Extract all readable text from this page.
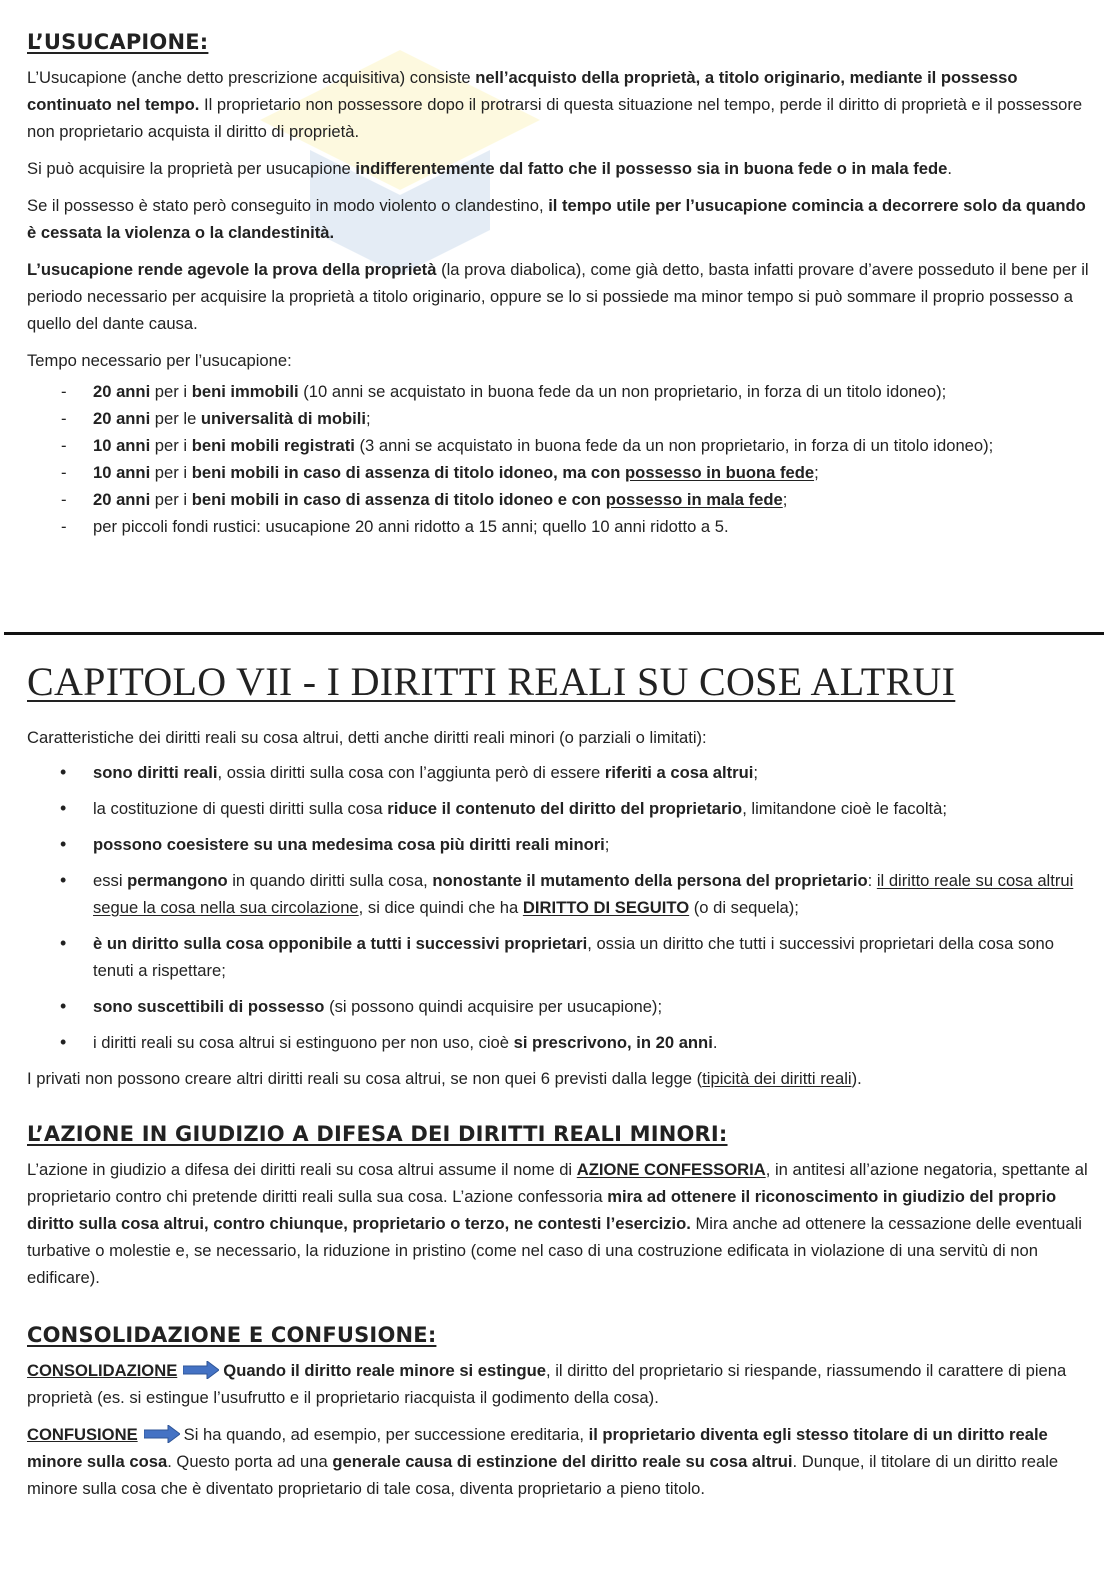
L’USUCAPIONE:

L’Usucapione (anche detto prescrizione acquisitiva) consiste nell’acquisto della proprietà, a titolo originario, mediante il possesso continuato nel tempo. Il proprietario non possessore dopo il protrarsi di questa situazione nel tempo, perde il diritto di proprietà e il possessore non proprietario acquista il diritto di proprietà.

Si può acquisire la proprietà per usucapione indifferentemente dal fatto che il possesso sia in buona fede o in mala fede.

Se il possesso è stato però conseguito in modo violento o clandestino, il tempo utile per l’usucapione comincia a decorrere solo da quando è cessata la violenza o la clandestinità.

L’usucapione rende agevole la prova della proprietà (la prova diabolica), come già detto, basta infatti provare d’avere posseduto il bene per il periodo necessario per acquisire la proprietà a titolo originario, oppure se lo si possiede ma minor tempo si può sommare il proprio possesso a quello del dante causa.

Tempo necessario per l’usucapione:

- 20 anni per i beni immobili (10 anni se acquistato in buona fede da un non proprietario, in forza di un titolo idoneo);
- 20 anni per le universalità di mobili;
- 10 anni per i beni mobili registrati (3 anni se acquistato in buona fede da un non proprietario, in forza di un titolo idoneo);
- 10 anni per i beni mobili in caso di assenza di titolo idoneo, ma con possesso in buona fede;
- 20 anni per i beni mobili in caso di assenza di titolo idoneo e con possesso in mala fede;
- per piccoli fondi rustici: usucapione 20 anni ridotto a 15 anni; quello 10 anni ridotto a 5.
CAPITOLO VII - I DIRITTI REALI SU COSE ALTRUI

Caratteristiche dei diritti reali su cosa altrui, detti anche diritti reali minori (o parziali o limitati):

• sono diritti reali, ossia diritti sulla cosa con l’aggiunta però di essere riferiti a cosa altrui;
• la costituzione di questi diritti sulla cosa riduce il contenuto del diritto del proprietario, limitandone cioè le facoltà;
• possono coesistere su una medesima cosa più diritti reali minori;
• essi permangono in quando diritti sulla cosa, nonostante il mutamento della persona del proprietario: il diritto reale su cosa altrui segue la cosa nella sua circolazione, si dice quindi che ha DIRITTO DI SEGUITO (o di sequela);
• è un diritto sulla cosa opponibile a tutti i successivi proprietari, ossia un diritto che tutti i successivi proprietari della cosa sono tenuti a rispettare;
• sono suscettibili di possesso (si possono quindi acquisire per usucapione);
• i diritti reali su cosa altrui si estinguono per non uso, cioè si prescrivono, in 20 anni.

I privati non possono creare altri diritti reali su cosa altrui, se non quei 6 previsti dalla legge (tipicità dei diritti reali).

L’AZIONE IN GIUDIZIO A DIFESA DEI DIRITTI REALI MINORI:

L’azione in giudizio a difesa dei diritti reali su cosa altrui assume il nome di AZIONE CONFESSORIA, in antitesi all’azione negatoria, spettante al proprietario contro chi pretende diritti reali sulla sua cosa. L’azione confessoria mira ad ottenere il riconoscimento in giudizio del proprio diritto sulla cosa altrui, contro chiunque, proprietario o terzo, ne contesti l’esercizio. Mira anche ad ottenere la cessazione delle eventuali turbative o molestie e, se necessario, la riduzione in pristino (come nel caso di una costruzione edificata in violazione di una servitù di non edificare).

CONSOLIDAZIONE E CONFUSIONE:

CONSOLIDAZIONE	Quando il diritto reale minore si estingue, il diritto del proprietario si riespande, riassumendo il carattere di piena proprietà (es. si estingue l’usufrutto e il proprietario riacquista il godimento della cosa).

CONFUSIONE	Si ha quando, ad esempio, per successione ereditaria, il proprietario diventa egli stesso titolare di un diritto reale minore sulla cosa. Questo porta ad una generale causa di estinzione del diritto reale su cosa altrui. Dunque, il titolare di un diritto reale minore sulla cosa che è diventato proprietario di tale cosa, diventa proprietario a pieno titolo.
